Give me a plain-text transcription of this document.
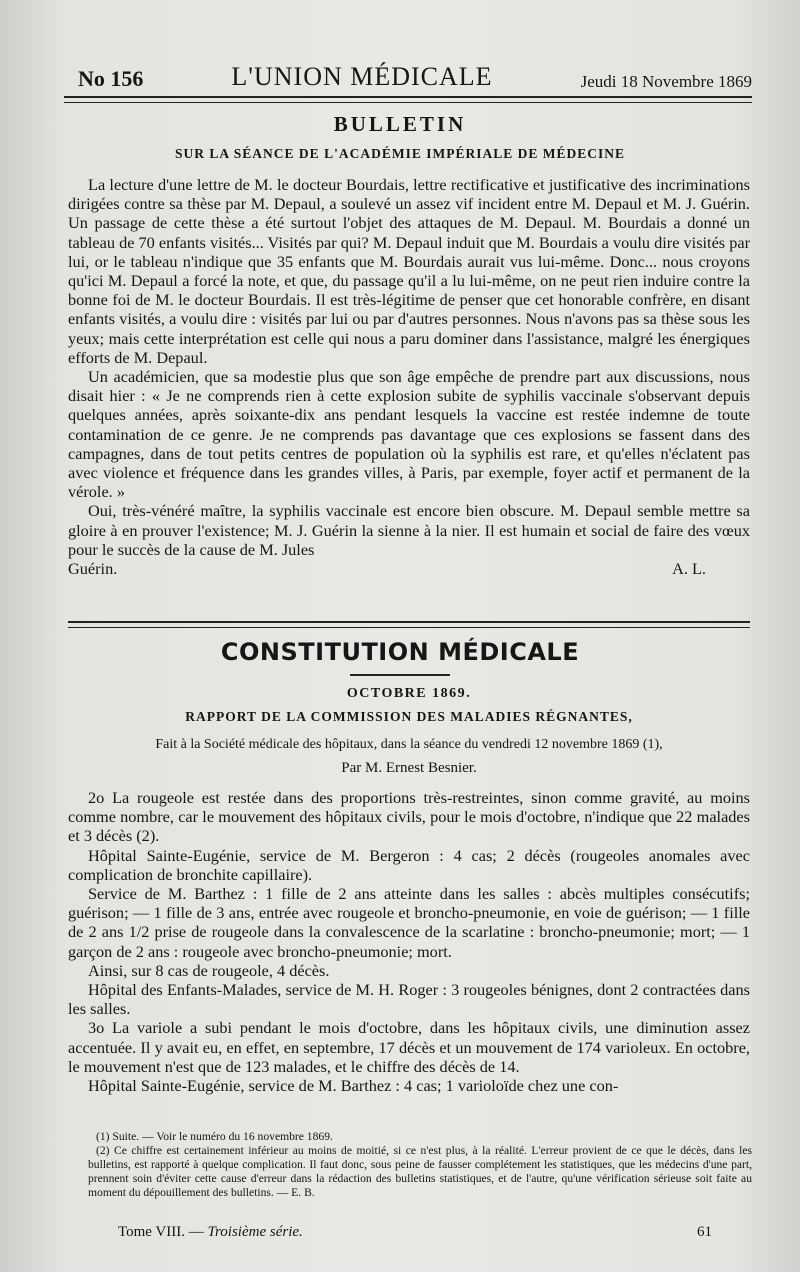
No 156	L'UNION MÉDICALE	Jeudi 18 Novembre 1869
BULLETIN
SUR LA SÉANCE DE L'ACADÉMIE IMPÉRIALE DE MÉDECINE

La lecture d'une lettre de M. le docteur Bourdais, lettre rectificative et justificative des incriminations dirigées contre sa thèse par M. Depaul, a soulevé un assez vif incident entre M. Depaul et M. J. Guérin. Un passage de cette thèse a été surtout l'objet des attaques de M. Depaul. M. Bourdais a donné un tableau de 70 enfants visités... Visités par qui? M. Depaul induit que M. Bourdais a voulu dire visités par lui, or le tableau n'indique que 35 enfants que M. Bourdais aurait vus lui-même. Donc... nous croyons qu'ici M. Depaul a forcé la note, et que, du passage qu'il a lu lui-même, on ne peut rien induire contre la bonne foi de M. le docteur Bourdais. Il est très-légitime de penser que cet honorable confrère, en disant enfants visités, a voulu dire : visités par lui ou par d'autres personnes. Nous n'avons pas sa thèse sous les yeux; mais cette interprétation est celle qui nous a paru dominer dans l'assistance, malgré les énergiques efforts de M. Depaul.

Un académicien, que sa modestie plus que son âge empêche de prendre part aux discussions, nous disait hier : « Je ne comprends rien à cette explosion subite de syphilis vaccinale s'observant depuis quelques années, après soixante-dix ans pendant lesquels la vaccine est restée indemne de toute contamination de ce genre. Je ne comprends pas davantage que ces explosions se fassent dans des campagnes, dans de tout petits centres de population où la syphilis est rare, et qu'elles n'éclatent pas avec violence et fréquence dans les grandes villes, à Paris, par exemple, foyer actif et permanent de la vérole. »

Oui, très-vénéré maître, la syphilis vaccinale est encore bien obscure. M. Depaul semble mettre sa gloire à en prouver l'existence; M. J. Guérin la sienne à la nier. Il est humain et social de faire des vœux pour le succès de la cause de M. Jules

Guérin.	A. L.
CONSTITUTION MÉDICALE
OCTOBRE 1869.
RAPPORT DE LA COMMISSION DES MALADIES RÉGNANTES,
Fait à la Société médicale des hôpitaux, dans la séance du vendredi 12 novembre 1869 (1),
Par M. Ernest Besnier.

2o La rougeole est restée dans des proportions très-restreintes, sinon comme gravité, au moins comme nombre, car le mouvement des hôpitaux civils, pour le mois d'octobre, n'indique que 22 malades et 3 décès (2).

Hôpital Sainte-Eugénie, service de M. Bergeron : 4 cas; 2 décès (rougeoles anomales avec complication de bronchite capillaire).

Service de M. Barthez : 1 fille de 2 ans atteinte dans les salles : abcès multiples consécutifs; guérison; — 1 fille de 3 ans, entrée avec rougeole et broncho-pneumonie, en voie de guérison; — 1 fille de 2 ans 1/2 prise de rougeole dans la convalescence de la scarlatine : broncho-pneumonie; mort; — 1 garçon de 2 ans : rougeole avec broncho-pneumonie; mort.

Ainsi, sur 8 cas de rougeole, 4 décès.

Hôpital des Enfants-Malades, service de M. H. Roger : 3 rougeoles bénignes, dont 2 contractées dans les salles.

3o La variole a subi pendant le mois d'octobre, dans les hôpitaux civils, une diminution assez accentuée. Il y avait eu, en effet, en septembre, 17 décès et un mouvement de 174 varioleux. En octobre, le mouvement n'est que de 123 malades, et le chiffre des décès de 14.

Hôpital Sainte-Eugénie, service de M. Barthez : 4 cas; 1 varioloïde chez une con-

(1) Suite. — Voir le numéro du 16 novembre 1869.

(2) Ce chiffre est certainement inférieur au moins de moitié, si ce n'est plus, à la réalité. L'erreur provient de ce que le décès, dans les bulletins, est rapporté à quelque complication. Il faut donc, sous peine de fausser complétement les statistiques, que les médecins d'une part, prennent soin d'éviter cette cause d'erreur dans la rédaction des bulletins statistiques, et de l'autre, qu'une vérification sérieuse soit faite au moment du dépouillement des bulletins. — E. B.

Tome VIII. — Troisième série.	61
